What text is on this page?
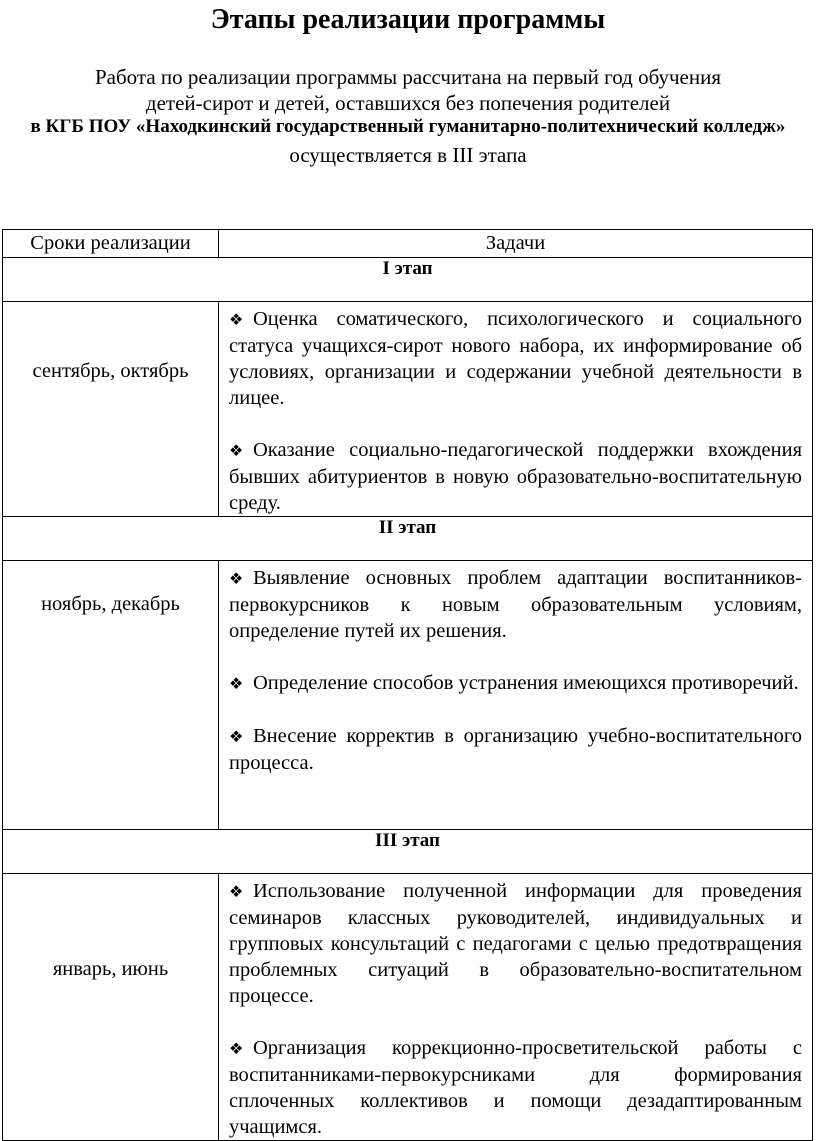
Этапы реализации программы
Работа по реализации программы рассчитана на первый год обучения
детей-сирот и детей, оставшихся без попечения родителей
в КГБ ПОУ «Находкинский государственный гуманитарно-политехнический колледж»
осуществляется в III этапа
Сроки реализации	Задачи
I этап	
сентябрь, октябрь	❖ Оценка соматического, психологического и социального статуса учащихся-сирот нового набора, их информирование об условиях, организации и содержании учебной деятельности в лицее.
❖ Оказание социально-педагогической поддержки вхождения бывших абитуриентов в новую образовательно-воспитательную среду.

II этап	
ноябрь, декабрь	❖ Выявление основных проблем адаптации воспитанников-первокурсников к новым образовательным условиям, определение путей их решения.
❖ Определение способов устранения имеющихся противоречий.
❖ Внесение корректив в организацию учебно-воспитательного процесса.

III этап	
январь, июнь	❖ Использование полученной информации для проведения семинаров классных руководителей, индивидуальных и групповых консультаций с педагогами с целью предотвращения проблемных ситуаций в образовательно-воспитательном процессе.
❖ Организация коррекционно-просветительской работы с воспитанниками-первокурсниками для формирования сплоченных коллективов и помощи дезадаптированным учащимся.
